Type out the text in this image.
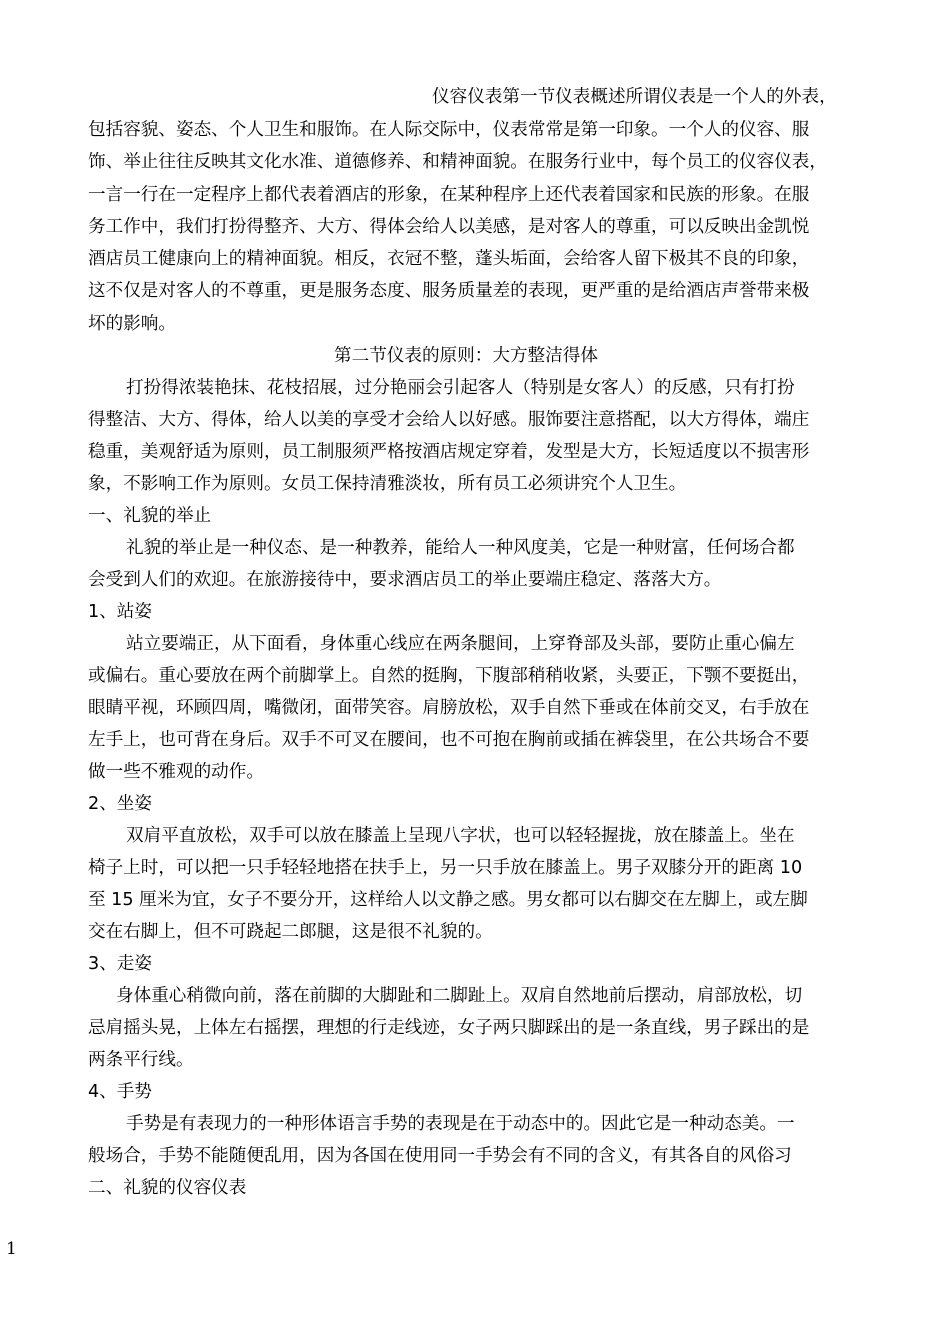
仪容仪表第一节仪表概述所谓仪表是一个人的外表，
包括容貌、姿态、个人卫生和服饰。在人际交际中，仪表常常是第一印象。一个人的仪容、服
饰、举止往往反映其文化水准、道德修养、和精神面貌。在服务行业中，每个员工的仪容仪表，
一言一行在一定程序上都代表着酒店的形象，在某种程序上还代表着国家和民族的形象。在服
务工作中，我们打扮得整齐、大方、得体会给人以美感，是对客人的尊重，可以反映出金凯悦
酒店员工健康向上的精神面貌。相反，衣冠不整，蓬头垢面，会给客人留下极其不良的印象，
这不仅是对客人的不尊重，更是服务态度、服务质量差的表现，更严重的是给酒店声誉带来极
坏的影响。
第二节仪表的原则：大方整洁得体
打扮得浓装艳抹、花枝招展，过分艳丽会引起客人（特别是女客人）的反感，只有打扮
得整洁、大方、得体，给人以美的享受才会给人以好感。服饰要注意搭配，以大方得体，端庄
稳重，美观舒适为原则，员工制服须严格按酒店规定穿着，发型是大方，长短适度以不损害形
象，不影响工作为原则。女员工保持清雅淡妆，所有员工必须讲究个人卫生。
一、礼貌的举止
礼貌的举止是一种仪态、是一种教养，能给人一种风度美，它是一种财富，任何场合都
会受到人们的欢迎。在旅游接待中，要求酒店员工的举止要端庄稳定、落落大方。
1、站姿
站立要端正，从下面看，身体重心线应在两条腿间，上穿脊部及头部，要防止重心偏左
或偏右。重心要放在两个前脚掌上。自然的挺胸，下腹部稍稍收紧，头要正，下颚不要挺出，
眼睛平视，环顾四周，嘴微闭，面带笑容。肩膀放松，双手自然下垂或在体前交叉，右手放在
左手上，也可背在身后。双手不可叉在腰间，也不可抱在胸前或插在裤袋里，在公共场合不要
做一些不雅观的动作。
2、坐姿
双肩平直放松，双手可以放在膝盖上呈现八字状，也可以轻轻握拢，放在膝盖上。坐在
椅子上时，可以把一只手轻轻地搭在扶手上，另一只手放在膝盖上。男子双膝分开的距离 10
至 15 厘米为宜，女子不要分开，这样给人以文静之感。男女都可以右脚交在左脚上，或左脚
交在右脚上，但不可跷起二郎腿，这是很不礼貌的。
3、走姿
身体重心稍微向前，落在前脚的大脚趾和二脚趾上。双肩自然地前后摆动，肩部放松，切
忌肩摇头晃，上体左右摇摆，理想的行走线迹，女子两只脚踩出的是一条直线，男子踩出的是
两条平行线。
4、手势
手势是有表现力的一种形体语言手势的表现是在于动态中的。因此它是一种动态美。一
般场合，手势不能随便乱用，因为各国在使用同一手势会有不同的含义，有其各自的风俗习
二、礼貌的仪容仪表
1
